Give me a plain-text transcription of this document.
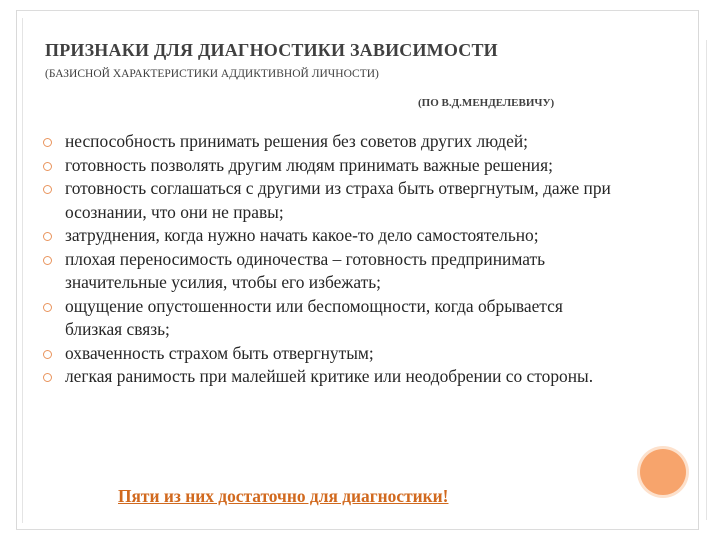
ПРИЗНАКИ ДЛЯ ДИАГНОСТИКИ ЗАВИСИМОСТИ
(БАЗИСНОЙ ХАРАКТЕРИСТИКИ АДДИКТИВНОЙ ЛИЧНОСТИ)
(ПО В.Д.МЕНДЕЛЕВИЧУ)
неспособность принимать решения без советов других людей;
готовность позволять другим людям принимать важные решения;
готовность соглашаться с другими из страха быть отвергнутым, даже при осознании, что они не правы;
затруднения, когда нужно начать какое-то дело самостоятельно;
плохая переносимость одиночества – готовность предпринимать значительные усилия, чтобы его избежать;
ощущение опустошенности или беспомощности, когда обрывается близкая связь;
охваченность страхом быть отвергнутым;
легкая ранимость при малейшей критике или неодобрении со стороны.
Пяти из них достаточно для диагностики!
